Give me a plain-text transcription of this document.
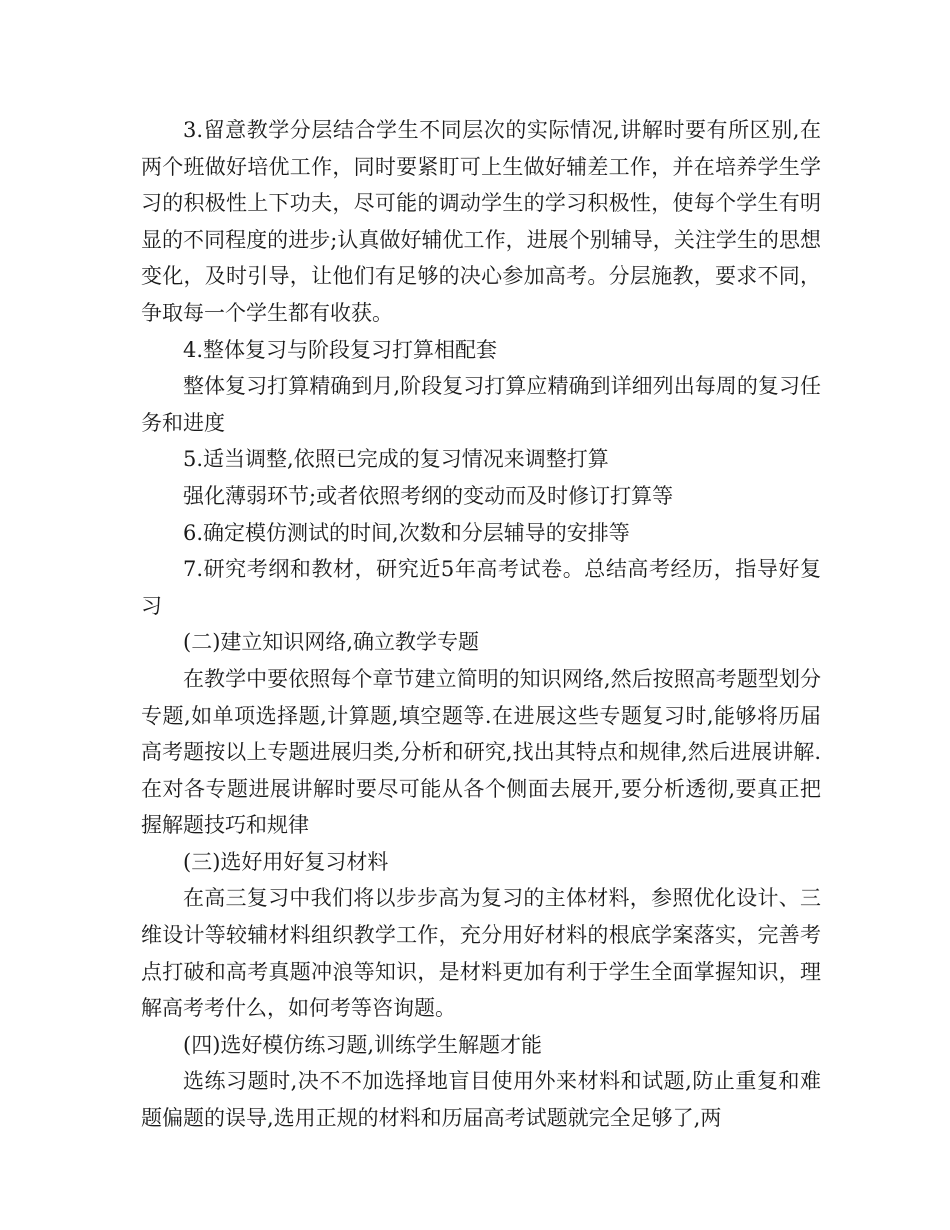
3.留意教学分层结合学生不同层次的实际情况,讲解时要有所区别,在两个班做好培优工作，同时要紧盯可上生做好辅差工作，并在培养学生学习的积极性上下功夫，尽可能的调动学生的学习积极性，使每个学生有明显的不同程度的进步;认真做好辅优工作，进展个别辅导，关注学生的思想变化，及时引导，让他们有足够的决心参加高考。分层施教，要求不同，争取每一个学生都有收获。

4.整体复习与阶段复习打算相配套

整体复习打算精确到月,阶段复习打算应精确到详细列出每周的复习任务和进度

5.适当调整,依照已完成的复习情况来调整打算

强化薄弱环节;或者依照考纲的变动而及时修订打算等

6.确定模仿测试的时间,次数和分层辅导的安排等

7.研究考纲和教材，研究近5年高考试卷。总结高考经历，指导好复习

(二)建立知识网络,确立教学专题

在教学中要依照每个章节建立简明的知识网络,然后按照高考题型划分专题,如单项选择题,计算题,填空题等.在进展这些专题复习时,能够将历届高考题按以上专题进展归类,分析和研究,找出其特点和规律,然后进展讲解.在对各专题进展讲解时要尽可能从各个侧面去展开,要分析透彻,要真正把握解题技巧和规律

(三)选好用好复习材料

在高三复习中我们将以步步高为复习的主体材料，参照优化设计、三维设计等较辅材料组织教学工作，充分用好材料的根底学案落实，完善考点打破和高考真题冲浪等知识，是材料更加有利于学生全面掌握知识，理解高考考什么，如何考等咨询题。

(四)选好模仿练习题,训练学生解题才能

选练习题时,决不不加选择地盲目使用外来材料和试题,防止重复和难题偏题的误导,选用正规的材料和历届高考试题就完全足够了,两
